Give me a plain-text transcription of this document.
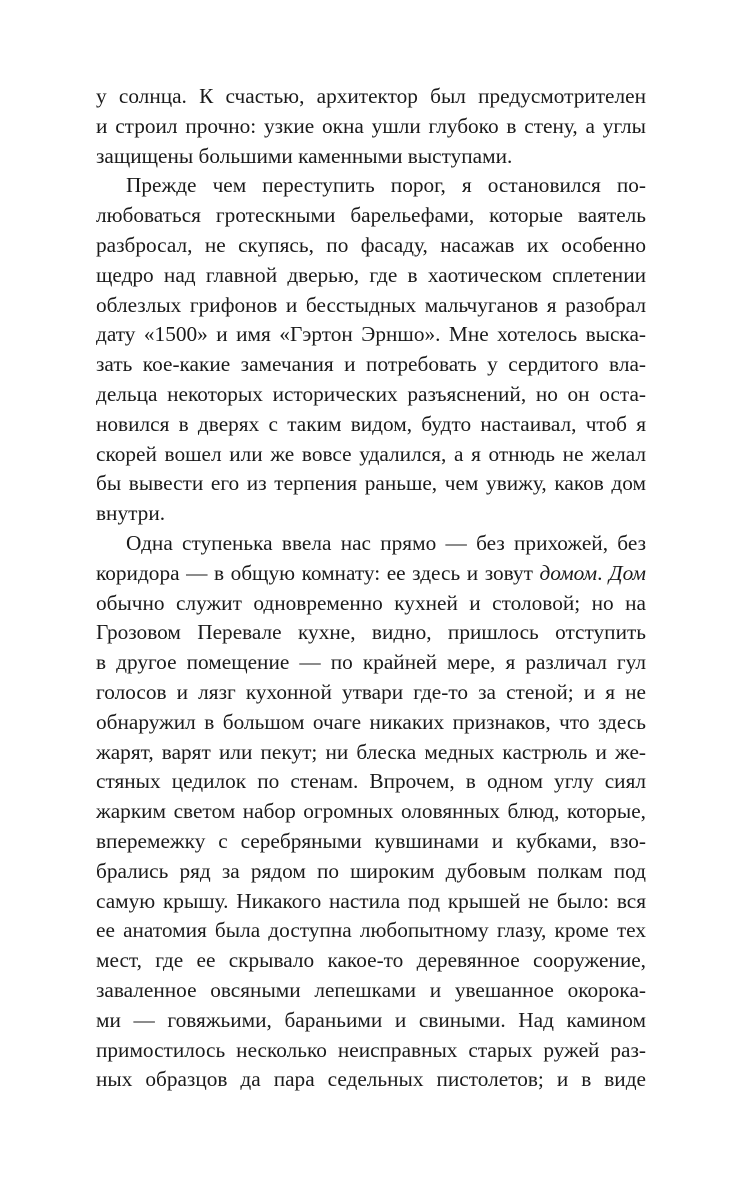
у солнца. К счастью, архитектор был предусмотрителен
и строил прочно: узкие окна ушли глубоко в стену, а углы
защищены большими каменными выступами.
Прежде чем переступить порог, я остановился по-
любоваться гротескными барельефами, которые ваятель
разбросал, не скупясь, по фасаду, насажав их особенно
щедро над главной дверью, где в хаотическом сплетении
облезлых грифонов и бесстыдных мальчуганов я разобрал
дату «1500» и имя «Гэртон Эрншо». Мне хотелось выска-
зать кое-какие замечания и потребовать у сердитого вла-
дельца некоторых исторических разъяснений, но он оста-
новился в дверях с таким видом, будто настаивал, чтоб я
скорей вошел или же вовсе удалился, а я отнюдь не желал
бы вывести его из терпения раньше, чем увижу, каков дом
внутри.
Одна ступенька ввела нас прямо — без прихожей, без
коридора — в общую комнату: ее здесь и зовут домом. Дом
обычно служит одновременно кухней и столовой; но на
Грозовом Перевале кухне, видно, пришлось отступить
в другое помещение — по крайней мере, я различал гул
голосов и лязг кухонной утвари где-то за стеной; и я не
обнаружил в большом очаге никаких признаков, что здесь
жарят, варят или пекут; ни блеска медных кастрюль и же-
стяных цедилок по стенам. Впрочем, в одном углу сиял
жарким светом набор огромных оловянных блюд, которые,
вперемежку с серебряными кувшинами и кубками, взо-
брались ряд за рядом по широким дубовым полкам под
самую крышу. Никакого настила под крышей не было: вся
ее анатомия была доступна любопытному глазу, кроме тех
мест, где ее скрывало какое-то деревянное сооружение,
заваленное овсяными лепешками и увешанное окорока-
ми — говяжьими, бараньими и свиными. Над камином
примостилось несколько неисправных старых ружей раз-
ных образцов да пара седельных пистолетов; и в виде
